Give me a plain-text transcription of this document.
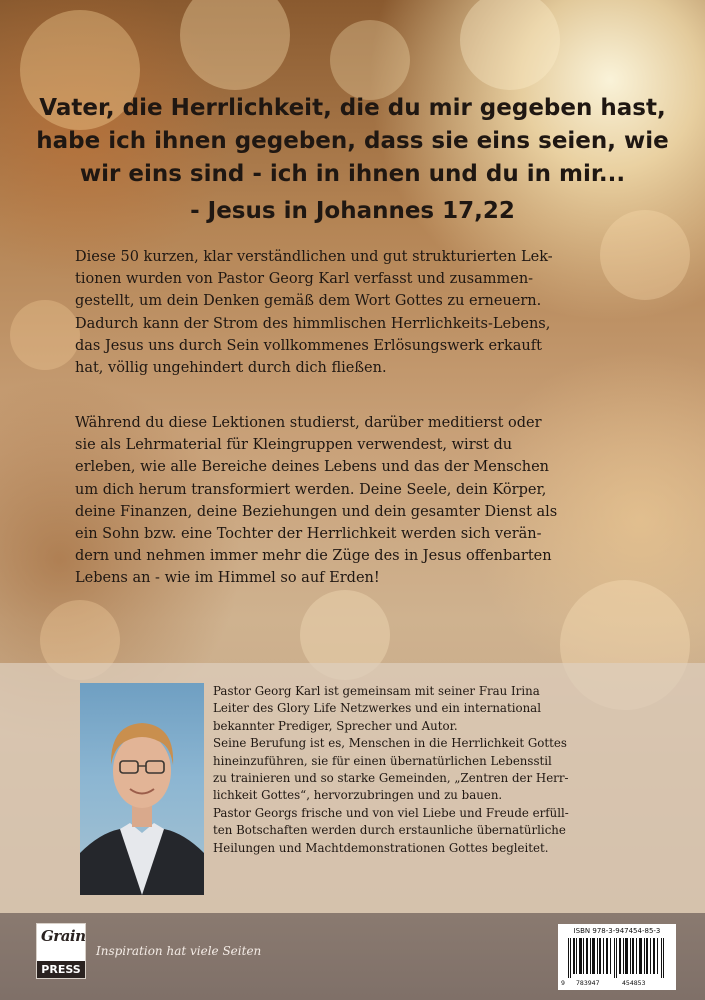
Vater, die Herrlichkeit, die du mir gegeben hast,
habe ich ihnen gegeben, dass sie eins seien, wie
wir eins sind - ich in ihnen und du in mir...
- Jesus in Johannes 17,22

Diese 50 kurzen, klar verständlichen und gut strukturierten Lek-
tionen wurden von Pastor Georg Karl verfasst und zusammen-
gestellt, um dein Denken gemäß dem Wort Gottes zu erneuern.
Dadurch kann der Strom des himmlischen Herrlichkeits-Lebens,
das Jesus uns durch Sein vollkommenes Erlösungswerk erkauft
hat, völlig ungehindert durch dich fließen.

Während du diese Lektionen studierst, darüber meditierst oder
sie als Lehrmaterial für Kleingruppen verwendest, wirst du
erleben, wie alle Bereiche deines Lebens und das der Menschen
um dich herum transformiert werden. Deine Seele, dein Körper,
deine Finanzen, deine Beziehungen und dein gesamter Dienst als
ein Sohn bzw. eine Tochter der Herrlichkeit werden sich verän-
dern und nehmen immer mehr die Züge des in Jesus offenbarten
Lebens an - wie im Himmel so auf Erden!

Pastor Georg Karl ist gemeinsam mit seiner Frau Irina
Leiter des Glory Life Netzwerkes und ein international
bekannter Prediger, Sprecher und Autor.
Seine Berufung ist es, Menschen in die Herrlichkeit Gottes
hineinzuführen, sie für einen übernatürlichen Lebensstil
zu trainieren und so starke Gemeinden, „Zentren der Herr-
lichkeit Gottes“, hervorzubringen und zu bauen.
Pastor Georgs frische und von viel Liebe und Freude erfüll-
ten Botschaften werden durch erstaunliche übernatürliche
Heilungen und Machtdemonstrationen Gottes begleitet.

Grain
PRESS
Inspiration hat viele Seiten
ISBN 978-3-947454-85-3
9 783947	454853
